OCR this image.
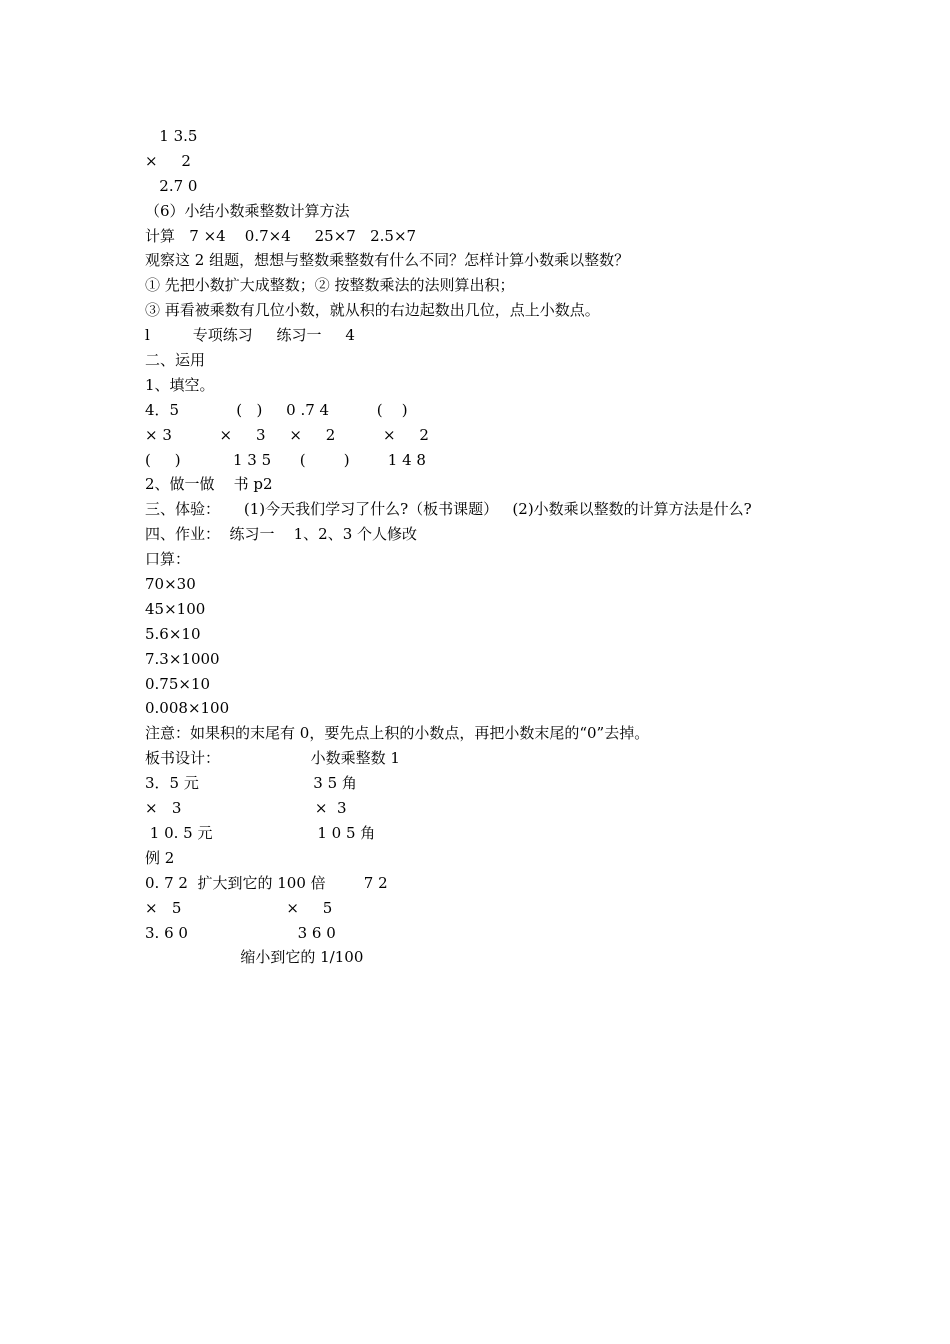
1 3.5
×     2
2.7 0
（6）小结小数乘整数计算方法
计算   7 ×4    0.7×4     25×7   2.5×7
观察这 2 组题，想想与整数乘整数有什么不同？怎样计算小数乘以整数？
① 先把小数扩大成整数；② 按整数乘法的法则算出积；
③ 再看被乘数有几位小数，就从积的右边起数出几位，点上小数点。
l         专项练习     练习一     4
二、运用
1、填空。
4．5            (   )     0 .7 4          (    )
× 3          ×     3     ×     2          ×     2
(     )           1 3 5      (        )        1 4 8
2、做一做    书 p2
三、体验：     (1)今天我们学习了什么?（板书课题）   (2)小数乘以整数的计算方法是什么?
四、作业：  练习一    1、2、3 个人修改
口算：
70×30
45×100
5.6×10
7.3×1000
0.75×10
0.008×100
注意：如果积的末尾有 0，要先点上积的小数点，再把小数末尾的“0”去掉。
板书设计：                   小数乘整数 1
3．5 元                        3 5 角
×   3                            ×  3
1 0. 5 元                      1 0 5 角
例 2
0. 7 2  扩大到它的 100 倍        7 2
×   5                      ×     5
3. 6 0                       3 6 0
缩小到它的 1/100
